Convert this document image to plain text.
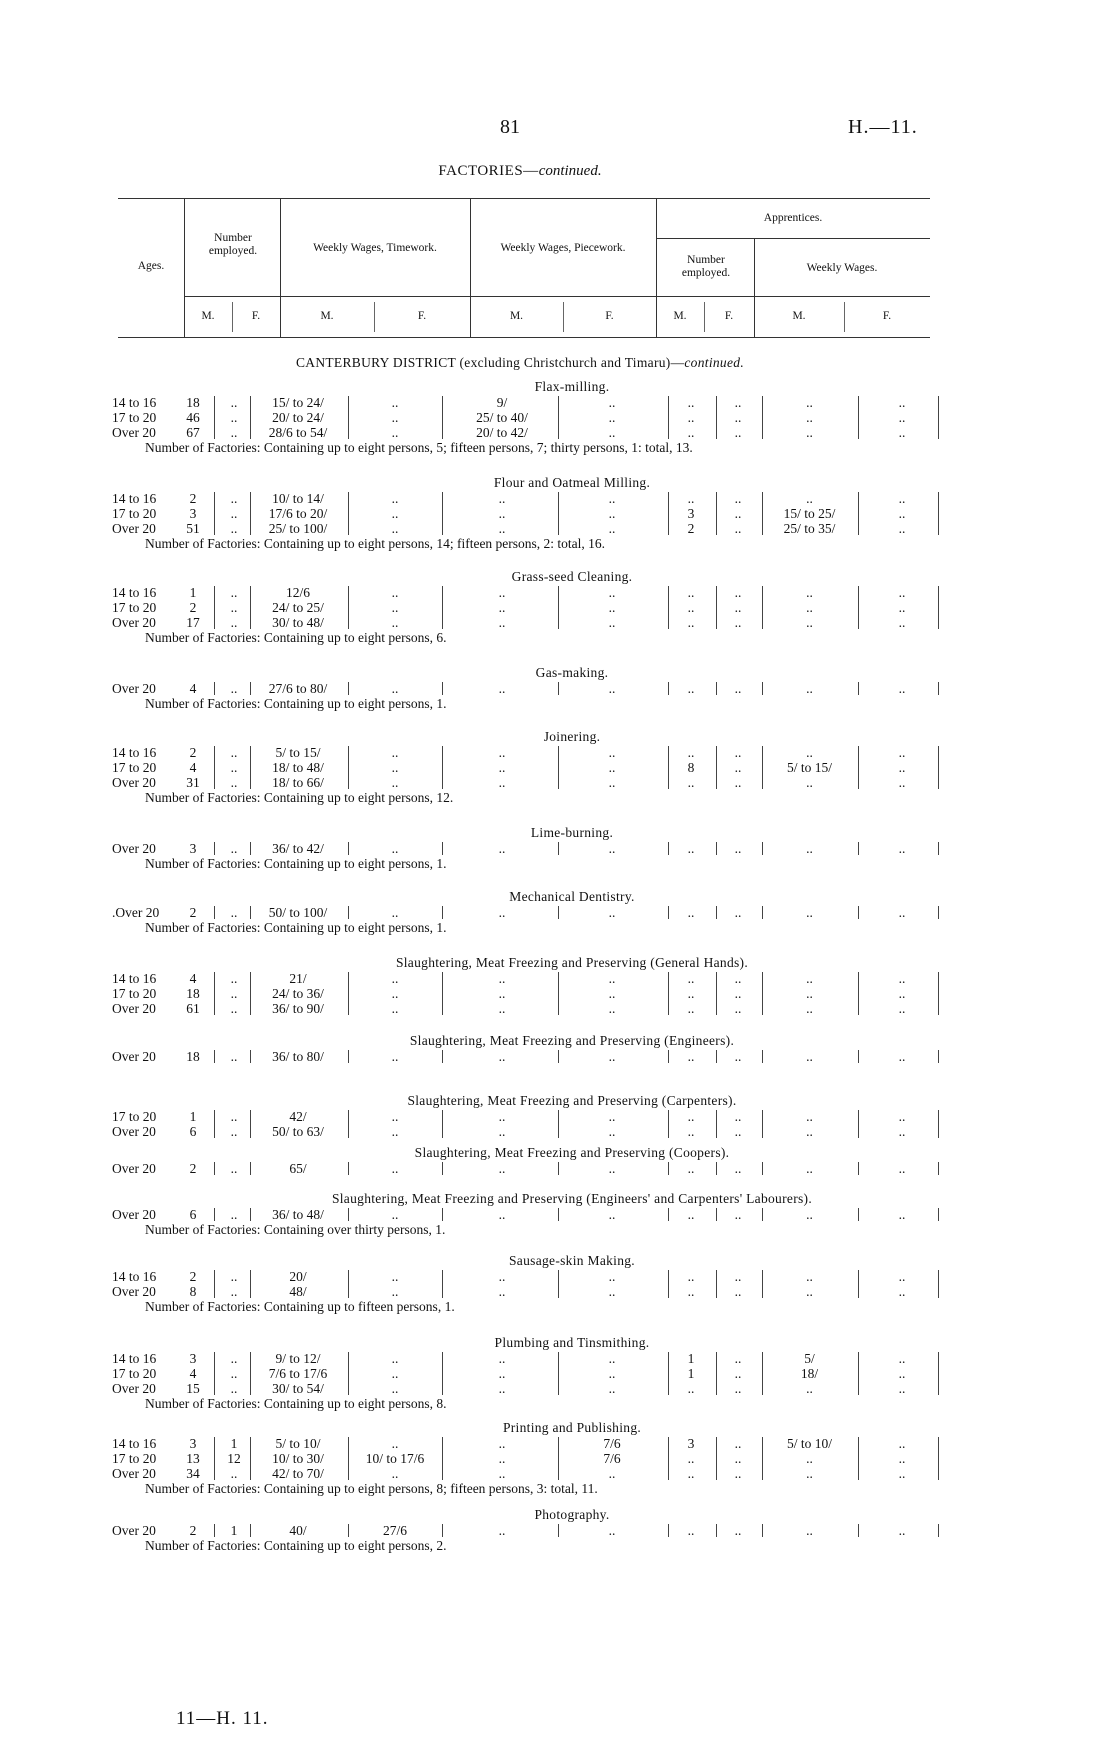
81	H.—11.
FACTORIES—continued.
Ages.
Number employed.	Weekly Wages, Timework.	Weekly Wages, Piecework.
Apprentices.
Number employed.	Weekly Wages.
M.	F.	M.	F.	M.	F.	M.	F.	M.	F.
CANTERBURY DISTRICT (excluding Christchurch and Timaru)—continued.
Flax-milling.
14 to 16	18	..	15/ to 24/	..	9/	..	..	..	..	..
17 to 20	46	..	20/ to 24/	..	25/ to 40/	..	..	..	..	..
Over 20	67	..	28/6 to 54/	..	20/ to 42/	..	..	..	..	..
Number of Factories: Containing up to eight persons, 5; fifteen persons, 7; thirty persons, 1: total, 13.
Flour and Oatmeal Milling.
14 to 16	2	..	10/ to 14/	..	..	..	..	..	..	..
17 to 20	3	..	17/6 to 20/	..	..	..	3	..	15/ to 25/	..
Over 20	51	..	25/ to 100/	..	..	..	2	..	25/ to 35/	..
Number of Factories: Containing up to eight persons, 14; fifteen persons, 2: total, 16.
Grass-seed Cleaning.
14 to 16	1	..	12/6	..	..	..	..	..	..	..
17 to 20	2	..	24/ to 25/	..	..	..	..	..	..	..
Over 20	17	..	30/ to 48/	..	..	..	..	..	..	..
Number of Factories: Containing up to eight persons, 6.
Gas-making.
Over 20	4	..	27/6 to 80/	..	..	..	..	..	..	..
Number of Factories: Containing up to eight persons, 1.
Joinering.
14 to 16	2	..	5/ to 15/	..	..	..	..	..	..	..
17 to 20	4	..	18/ to 48/	..	..	..	8	..	5/ to 15/	..
Over 20	31	..	18/ to 66/	..	..	..	..	..	..	..
Number of Factories: Containing up to eight persons, 12.
Lime-burning.
Over 20	3	..	36/ to 42/	..	..	..	..	..	..	..
Number of Factories: Containing up to eight persons, 1.
Mechanical Dentistry.
.Over 20	2	..	50/ to 100/	..	..	..	..	..	..	..
Number of Factories: Containing up to eight persons, 1.
Slaughtering, Meat Freezing and Preserving (General Hands).
14 to 16	4	..	21/	..	..	..	..	..	..	..
17 to 20	18	..	24/ to 36/	..	..	..	..	..	..	..
Over 20	61	..	36/ to 90/	..	..	..	..	..	..	..
Slaughtering, Meat Freezing and Preserving (Engineers).
Over 20	18	..	36/ to 80/	..	..	..	..	..	..	..
Slaughtering, Meat Freezing and Preserving (Carpenters).
17 to 20	1	..	42/	..	..	..	..	..	..	..
Over 20	6	..	50/ to 63/	..	..	..	..	..	..	..
Slaughtering, Meat Freezing and Preserving (Coopers).
Over 20	2	..	65/	..	..	..	..	..	..	..
Slaughtering, Meat Freezing and Preserving (Engineers' and Carpenters' Labourers).
Over 20	6	..	36/ to 48/	..	..	..	..	..	..	..
Number of Factories: Containing over thirty persons, 1.
Sausage-skin Making.
14 to 16	2	..	20/	..	..	..	..	..	..	..
Over 20	8	..	48/	..	..	..	..	..	..	..
Number of Factories: Containing up to fifteen persons, 1.
Plumbing and Tinsmithing.
14 to 16	3	..	9/ to 12/	..	..	..	1	..	5/	..
17 to 20	4	..	7/6 to 17/6	..	..	..	1	..	18/	..
Over 20	15	..	30/ to 54/	..	..	..	..	..	..	..
Number of Factories: Containing up to eight persons, 8.
Printing and Publishing.
14 to 16	3	1	5/ to 10/	..	..	7/6	3	..	5/ to 10/	..
17 to 20	13	12	10/ to 30/	10/ to 17/6	..	7/6	..	..	..	..
Over 20	34	..	42/ to 70/	..	..	..	..	..	..	..
Number of Factories: Containing up to eight persons, 8; fifteen persons, 3: total, 11.
Photography.
Over 20	2	1	40/	27/6	..	..	..	..	..	..
Number of Factories: Containing up to eight persons, 2.
11—H. 11.
